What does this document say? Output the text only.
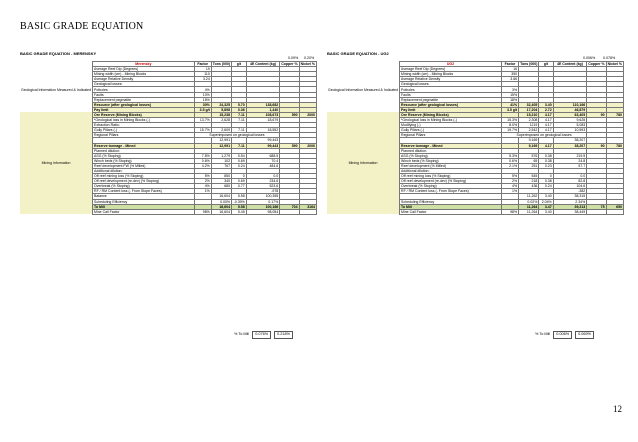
BASIC GRADE EQUATION
BASIC GRADE EQUATION - MERENSKY
0.09% 0.20%
	Merensky	Factor	Tons (000)	g/t	4E Content (kg)	Copper %	Nickel %
Geological Information Measured & Indicated	Average Reef Dip (Degrees)	19					
	Mining width (cm) - Mining Blocks	110					
	Average Relative Density	3.24					
	Geological losses:						
	Potholes	4%					
	Faults	10%					
	Replacement pegmatite	15%					
	Resource (after geological losses)	30%	24,325	5.70	138,682		
	Pay limit	3.5 g/t	5,898	0.36	1,440		
Mining Information	Ore Reserve (Mining Blocks)		15,238	7.11	108,673	590	2000
	*Geological loss in Mining Blocks (-)	13.7%	2,628	7.11	18,679		
	Extraction Ratio:						
	Gully Pillars (-)	15.7%	2,609	7.11	18,552		
	Regional Pillars	Superimposed on geological losses					
			12,991		99,443		
	Reserve tonnage - Mined		12,991	7.11	99,443	590	2000
	Planned dilution:						
	ASG (% Stoping)	7.5%	1,279	0.54	688.5		
	Winch beds (% Stoping)	0.6%	102	0.69	70.4		
	Reef development FW (% Milled)	4.2%	767	0.24	484.6		
	Additional dilution:						
	Off reef mining loss (% Stoping)	5%	850	0	0.0		
	Off reef development (re-dev) (% Stoping)	2%	340	0.69	234.6		
	Overbreak (% Stoping)	4%	680	0.77	523.6		
	RF / RM Content loss (- From Stope Faces)	1%			-978		
	Balance		16,604	5.58	100,355		
	Scheduling Efficiency		0.00%	-0.39%	0.17%		
	To Mill		16,604	5.58	100,166	704	3164
	Mine Call Factor	98%	16,604	5.45	98,054		
% To Mill 0.076% 0.218%
BASIC GRADE EQUATION - UG2
0.006% 0.078%
	UG2	Factor	Tons (000)	g/t	4E Content (kg)	Copper %	Nickel %
Geological Information Measured & Indicated	Average Reef Dip (Degrees)	16					
	Mining width (cm) - Mining Blocks	350					
	Average Relative Density	3.66					
	Geological losses:						
	Potholes	3%					
	Faults	15%					
	Replacement pegmatite	18%					
	Resource (after geological losses)	41%	32,405	3.40	110,166		
	Pay limit	3.5 g/t	17,204	2.72	46,879		
Mining Information	Ore Reserve (Mining Blocks)		15,210	4.17	63,405	90	780
	*Geological loss in Mining Blocks (-)	15.3%	2,308	4.17	9,625		
	Modifying (-)	8.0%	1219	4.17	5,083		
	Gully Pillars (-)	19.7%	2,542	4.17	10,593		
	Regional Pillars	Superimposed on geological losses					
			9,169		38,207		
	Reserve tonnage - Mined		9,169	4.17	38,207	90	780
	Planned dilution:						
	ASG (% Stoping)	5.3%	576	0.38	219.5		
	Winch beds (% Stoping)	0.6%	65	0.38	24.8		
	Reef development (% Milled)	2.1%	251	0.23	57.7		
	Additional dilution:						
	Off reef mining loss (% Stoping)	5%	545	0	0.0		
	Off reef development (re-dev) (% Stoping)	2%	218	0.38	82.8		
	Overbreak (% Stoping)	4%	436	0.24	104.6		
	RF / RM Content loss (- From Stope Faces)	1%			-382		
			11,262	3.40	38,315		
	Scheduling Efficiency		0.02%	2.04%	2.34%		
	To Mill		11,264	3.47	39,213	75	650
	Mine Call Factor	98%	11,264	3.40	38,449		
% To Mill 0.006% 0.069%
12
